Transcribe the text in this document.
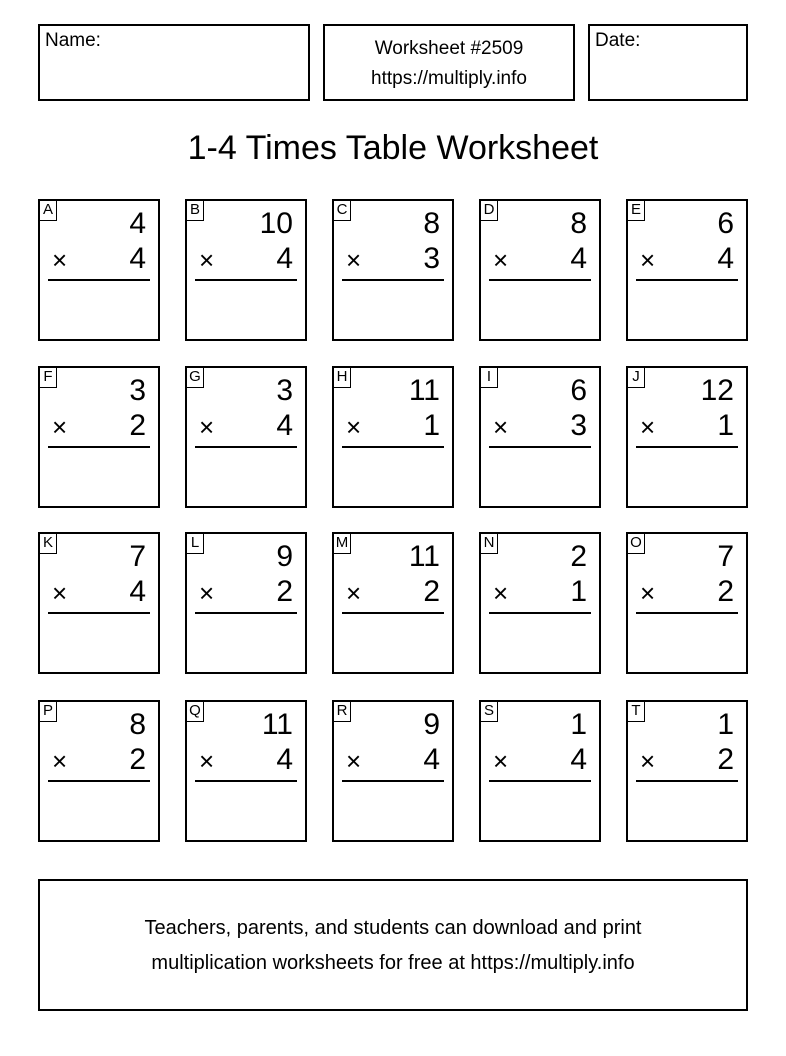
Name:	Worksheet #2509
https://multiply.info
Date:
1-4 Times Table Worksheet
A	4
× 4
B 10
× 4
C	8
× 3
D	8
× 4
E	6
× 4
F	3
× 2
G	3
× 4
H 11
× 1
I	6
× 3
J 12
× 1
K	7
× 4
L	9
× 2
M 11
× 2
N	2
× 1
O	7
× 2
P	8
× 2
Q 11
× 4
R	9
× 4
S	1
× 4
T	1
× 2
Teachers, parents, and students can download and print
multiplication worksheets for free at https://multiply.info
